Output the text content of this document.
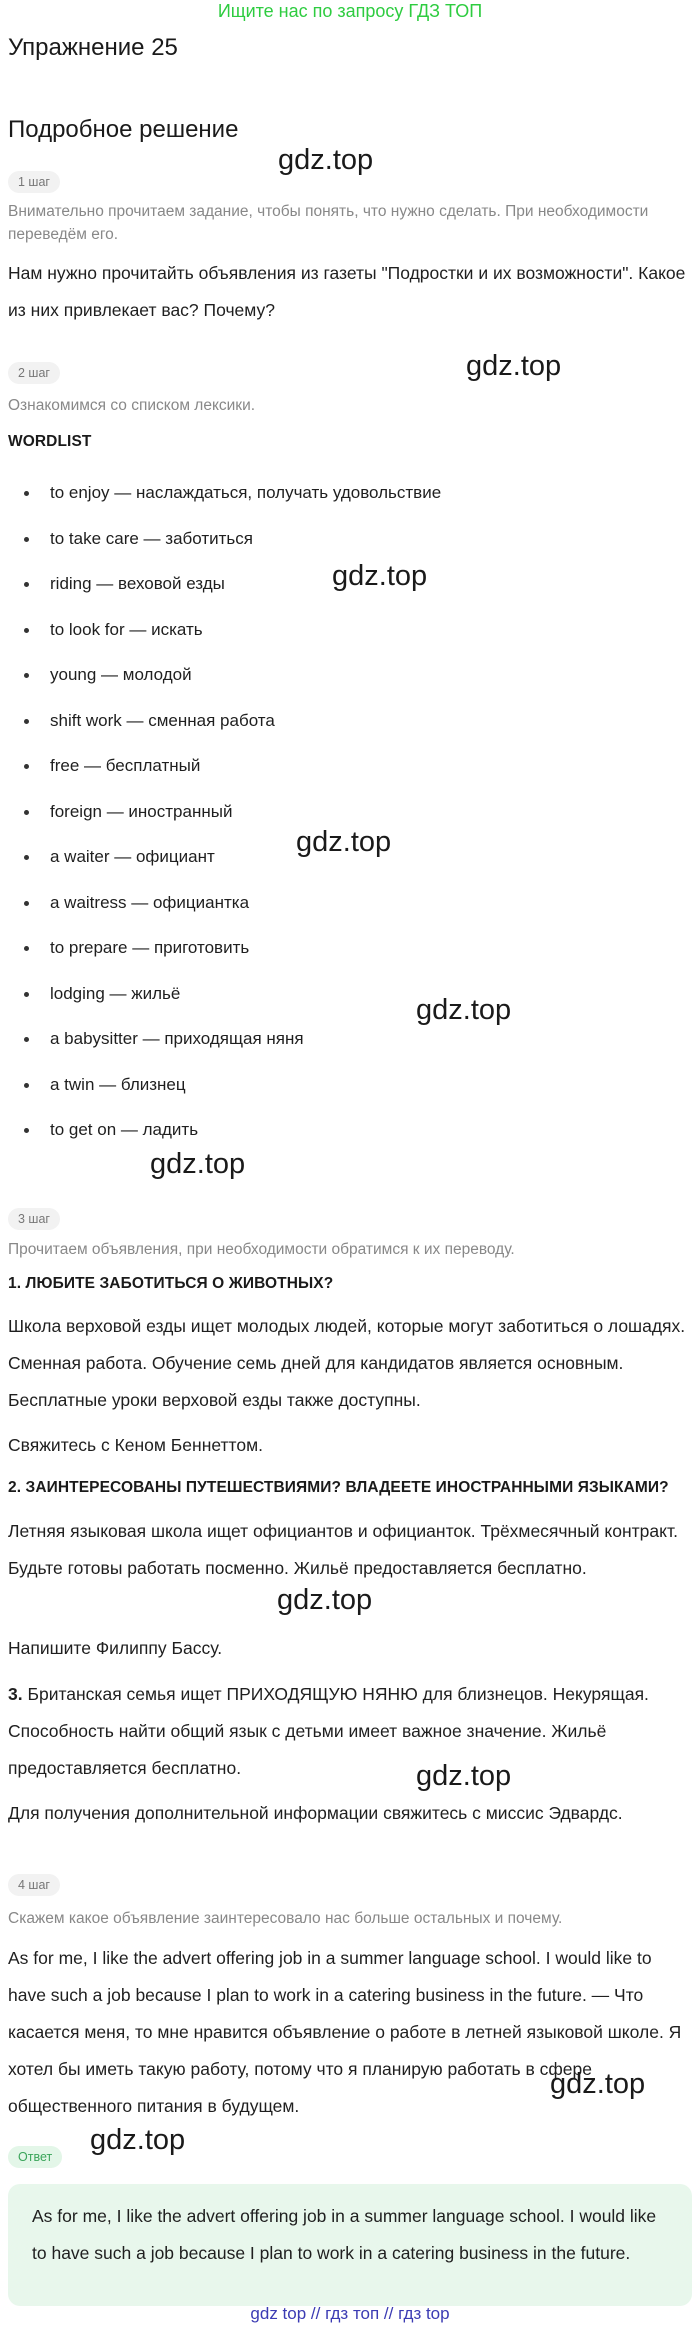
Ищите нас по запросу ГДЗ ТОП
Упражнение 25
Подробное решение
1 шаг
Внимательно прочитаем задание, чтобы понять, что нужно сделать. При необходимости переведём его.
Нам нужно прочитайть объявления из газеты "Подростки и их возможности". Какое из них привлекает вас? Почему?
2 шаг
Ознакомимся со списком лексики.
WORDLIST
to enjoy — наслаждаться, получать удовольствие
to take care — заботиться
riding — веховой езды
to look for — искать
young — молодой
shift work — сменная работа
free — бесплатный
foreign — иностранный
a waiter — официант
a waitress — официантка
to prepare — приготовить
lodging — жильё
a babysitter — приходящая няня
a twin — близнец
to get on — ладить
3 шаг
Прочитаем объявления, при необходимости обратимся к их переводу.
1. ЛЮБИТЕ ЗАБОТИТЬСЯ О ЖИВОТНЫХ?
Школа верховой езды ищет молодых людей, которые могут заботиться о лошадях. Сменная работа. Обучение семь дней для кандидатов является основным. Бесплатные уроки верховой езды также доступны.
Свяжитесь с Кеном Беннеттом.
2. ЗАИНТЕРЕСОВАНЫ ПУТЕШЕСТВИЯМИ? ВЛАДЕЕТЕ ИНОСТРАННЫМИ ЯЗЫКАМИ?
Летняя языковая школа ищет официантов и официанток. Трёхмесячный контракт. Будьте готовы работать посменно. Жильё предоставляется бесплатно.
Напишите Филиппу Бассу.
3. Британская семья ищет ПРИХОДЯЩУЮ НЯНЮ для близнецов. Некурящая. Способность найти общий язык с детьми имеет важное значение. Жильё предоставляется бесплатно.
Для получения дополнительной информации свяжитесь с миссис Эдвардс.
4 шаг
Скажем какое объявление заинтересовало нас больше остальных и почему.
As for me, I like the advert offering job in a summer language school. I would like to have such a job because I plan to work in a catering business in the future. — Что касается меня, то мне нравится объявление о работе в летней языковой школе. Я хотел бы иметь такую работу, потому что я планирую работать в сфере общественного питания в будущем.
Ответ
As for me, I like the advert offering job in a summer language school. I would like to have such a job because I plan to work in a catering business in the future.
gdz.top
gdz.top
gdz.top
gdz.top
gdz.top
gdz.top
gdz.top
gdz.top
gdz.top
gdz.top
gdz top // гдз топ // гдз top
